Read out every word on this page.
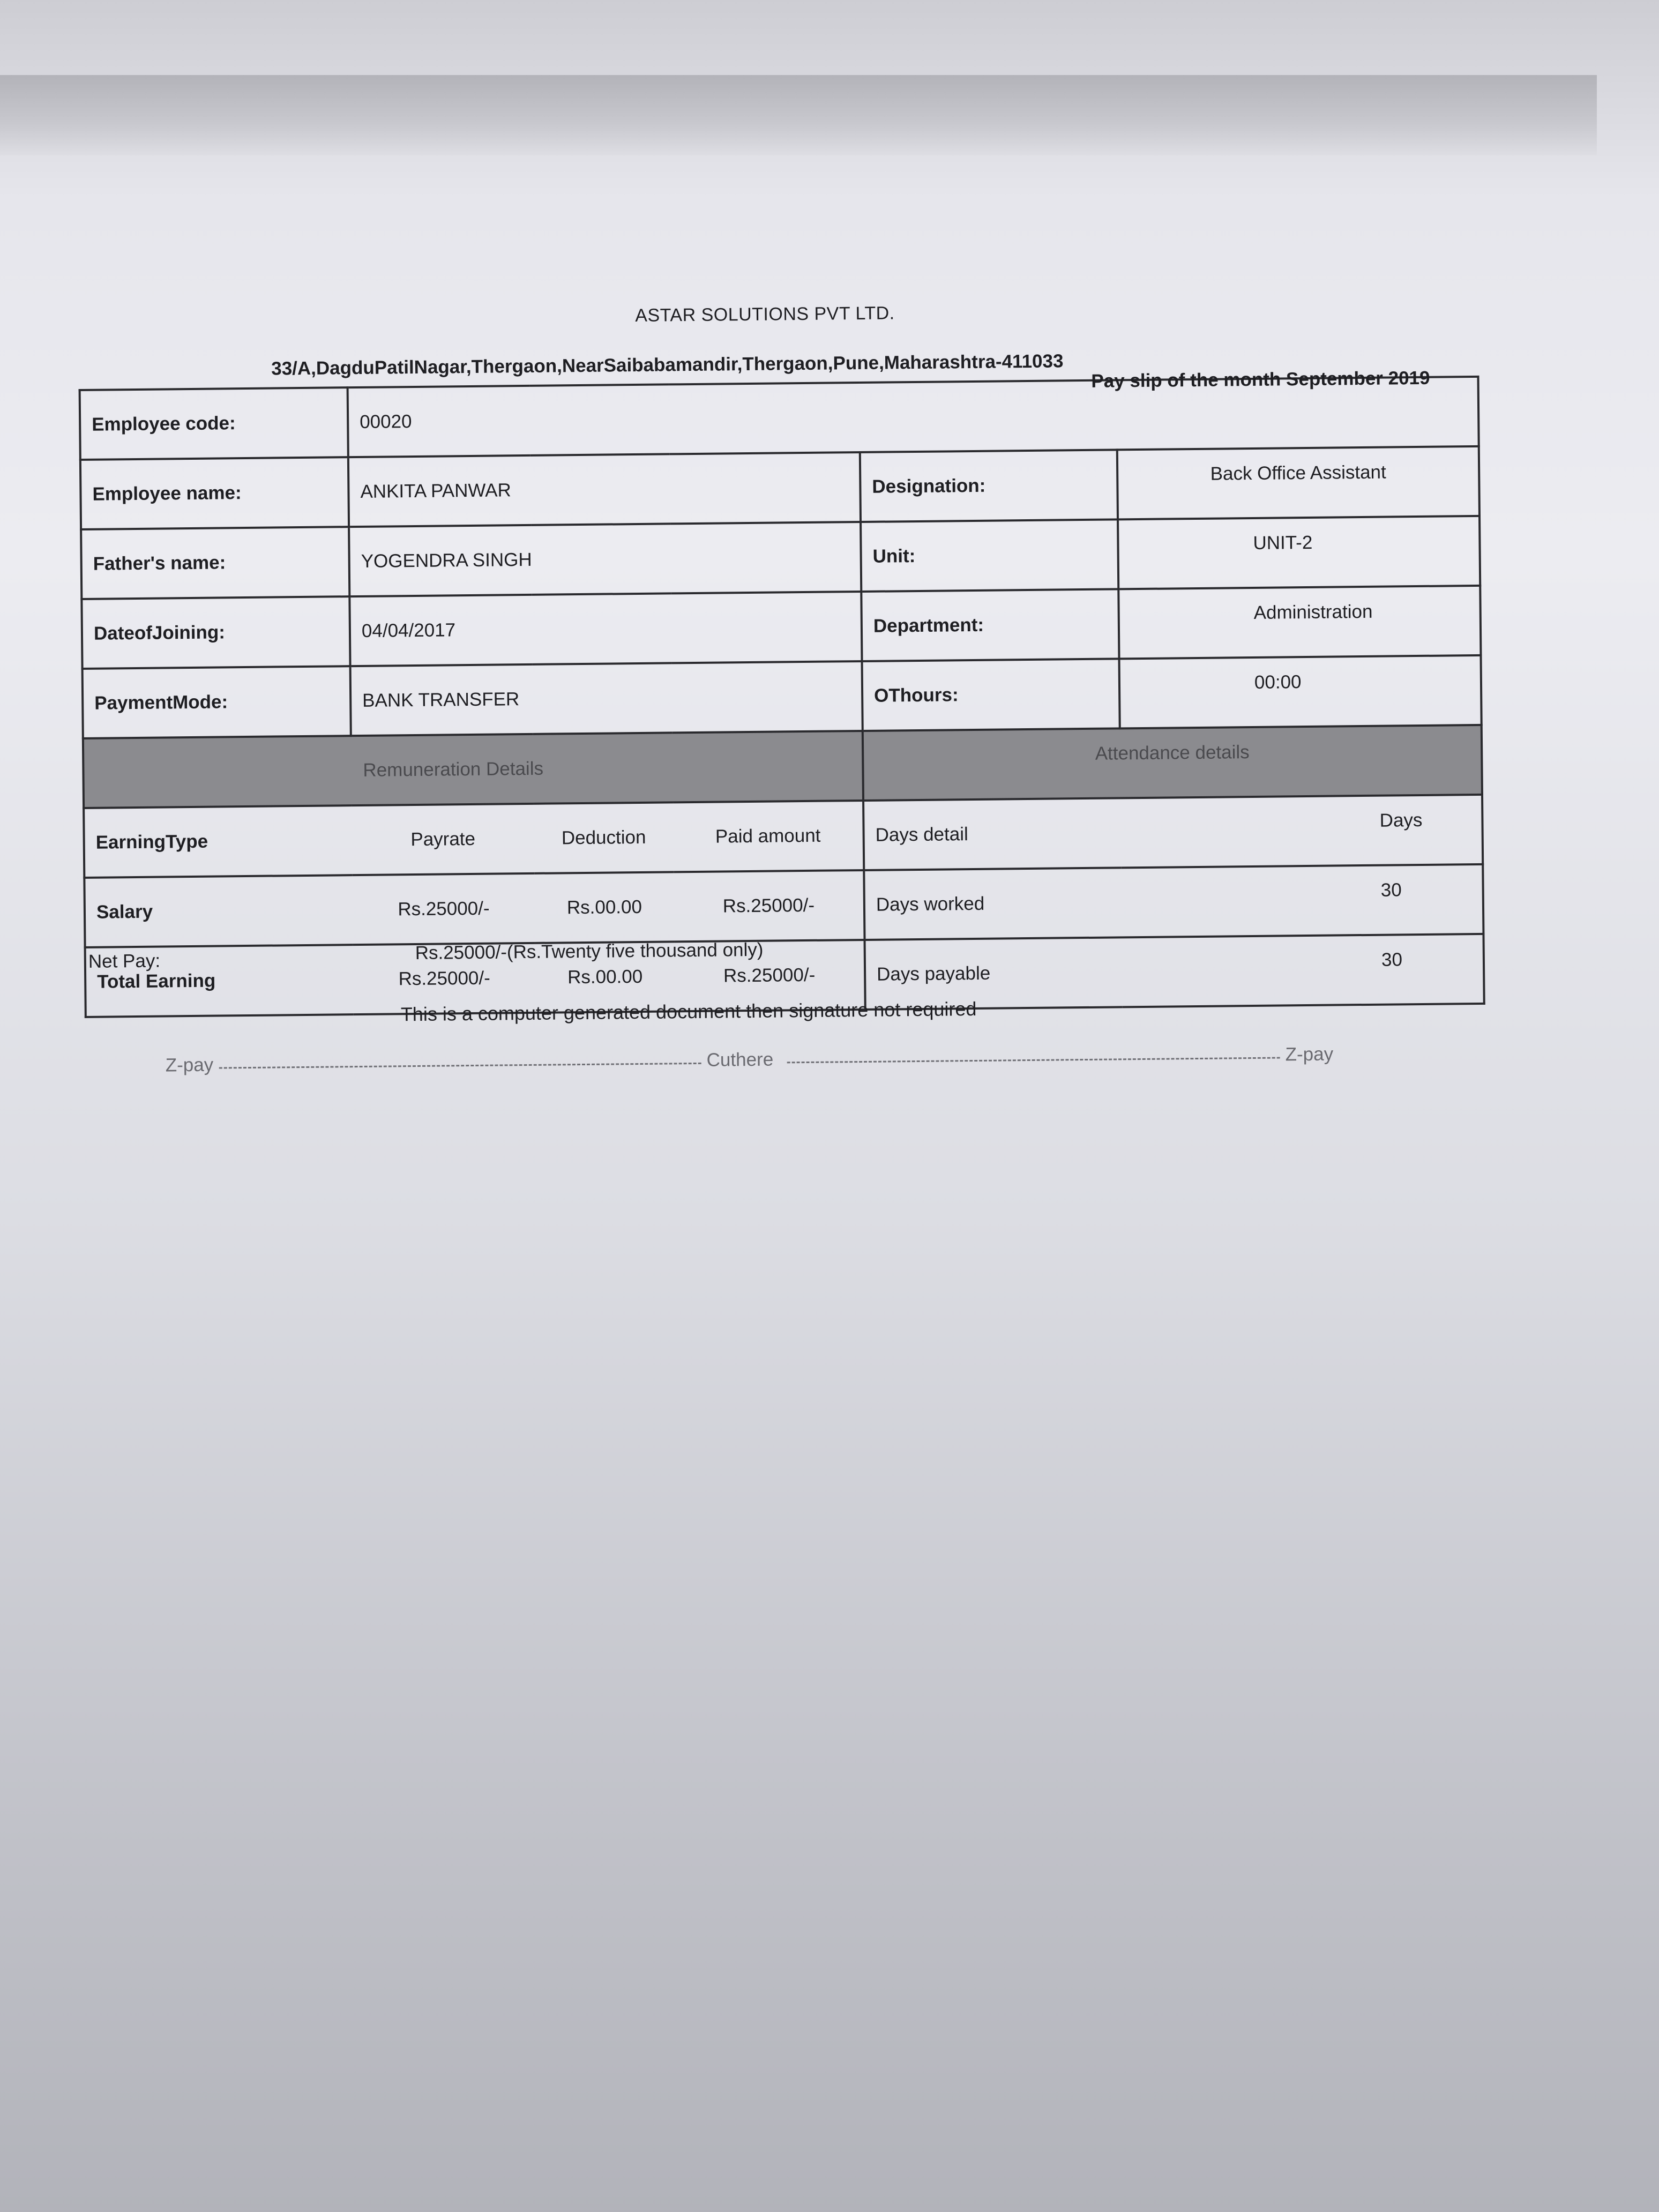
ASTAR SOLUTIONS PVT LTD.
33/A,DagduPatilNagar,Thergaon,NearSaibabamandir,Thergaon,Pune,Maharashtra-411033
Employee code:	00020
Pay slip of the month September 2019				

Employee name:	ANKITA PANWAR			Designation:	Back Office Assistant
Father's name:	YOGENDRA SINGH			Unit:	UNIT-2
DateofJoining:	04/04/2017			Department:	Administration
PaymentMode:	BANK TRANSFER			OThours:	00:00
Remuneration Details				Attendance details	
EarningType	Payrate	Deduction	Paid amount	Days detail	Days
Salary	Rs.25000/-	Rs.00.00	Rs.25000/-	Days worked	30
Total Earning	Rs.25000/-	Rs.00.00	Rs.25000/-	Days payable	30
Net Pay:	Rs.25000/-(Rs.Twenty five thousand only)
This is a computer generated document then signature not required
Z-pay	Cuthere	Z-pay
